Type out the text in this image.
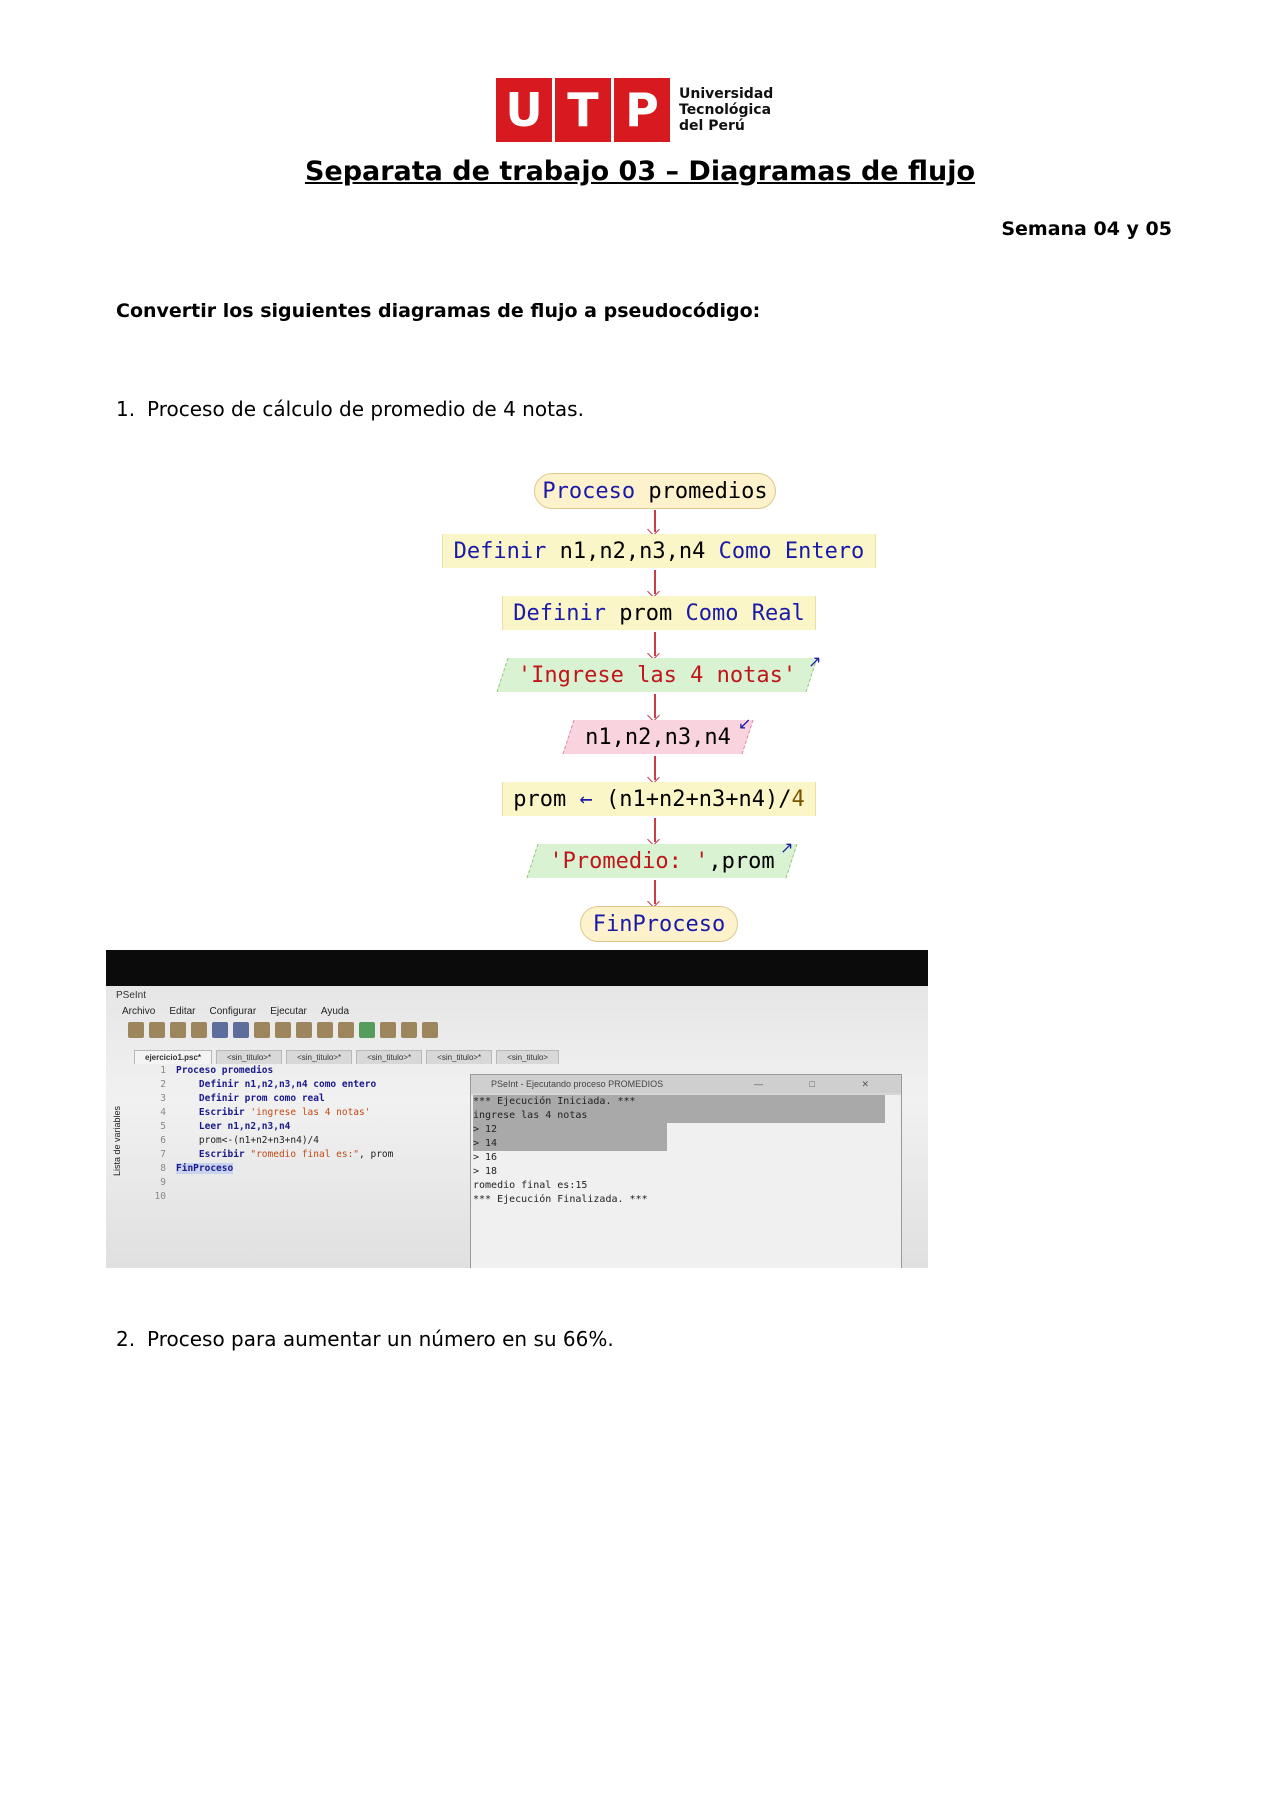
U T P	Universidad
Tecnológica
del Perú
Separata de trabajo 03 – Diagramas de flujo
Semana 04 y 05
Convertir los siguientes diagramas de flujo a pseudocódigo:
1. Proceso de cálculo de promedio de 4 notas.
Proceso
promedios
Definir
n1,n2,n3,n4
Como
Entero
Definir
prom
Como
Real
'Ingrese las 4 notas'
↗
n1,n2,n3,n4
↙
prom
←
(n1+n2+n3+n4)/ 4
'Promedio: ',prom
↗
FinProceso
PSeInt
Archivo Editar Configurar Ejecutar Ayuda
ejercicio1.psc*	<sin_titulo>*	<sin_titulo>*	<sin_titulo>*	<sin_titulo>*	<sin_titulo>
Lista de variables
1 Proceso promedios
2    Definir n1,n2,n3,n4 como entero
3    Definir prom como real
4    Escribir 'ingrese las 4 notas'
5    Leer n1,n2,n3,n4
6    prom<-(n1+n2+n3+n4)/4
7    Escribir "romedio final es:", prom
8 FinProceso
9
10
PSeInt - Ejecutando proceso PROMEDIOS	— □ ✕
*** Ejecución Iniciada. ***
ingrese las 4 notas
> 12
> 14
> 16
> 18
romedio final es:15
*** Ejecución Finalizada. ***
2. Proceso para aumentar un número en su 66%.
